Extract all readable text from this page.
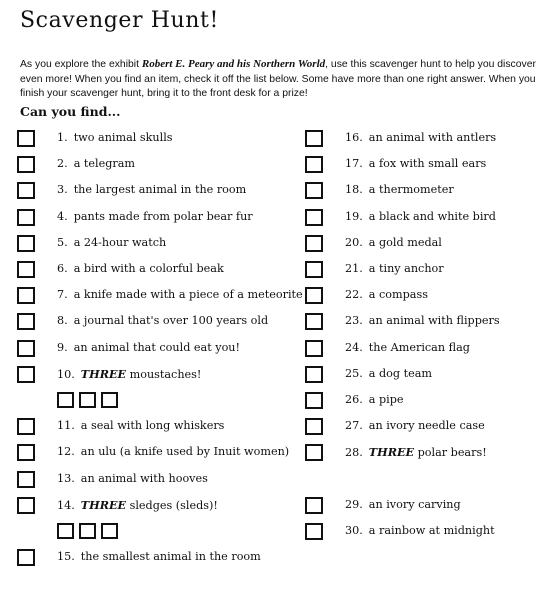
Scavenger Hunt!

As you explore the exhibit Robert E. Peary and his Northern World, use this scavenger hunt to help you discover even more! When you find an item, check it off the list below. Some have more than one right answer. When you finish your scavenger hunt, bring it to the front desk for a prize!

Can you find...
1. two animal skulls
2. a telegram
3. the largest animal in the room
4. pants made from polar bear fur
5. a 24-hour watch
6. a bird with a colorful beak
7. a knife made with a piece of a meteorite
8. a journal that's over 100 years old
9. an animal that could eat you!
10. THREE moustaches!
11. a seal with long whiskers
12. an ulu (a knife used by Inuit women)
13. an animal with hooves
14. THREE sledges (sleds)!
15. the smallest animal in the room
16. an animal with antlers
17. a fox with small ears
18. a thermometer
19. a black and white bird
20. a gold medal
21. a tiny anchor
22. a compass
23. an animal with flippers
24. the American flag
25. a dog team
26. a pipe
27. an ivory needle case
28. THREE polar bears!
29. an ivory carving
30. a rainbow at midnight
